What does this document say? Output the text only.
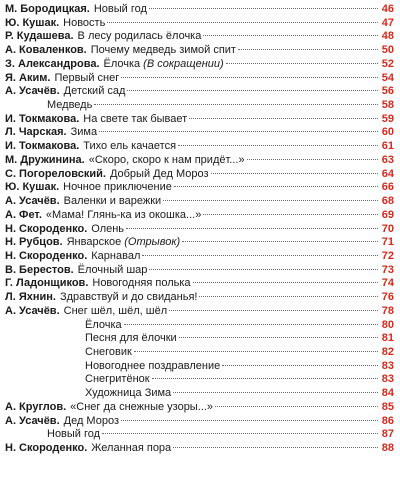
М. Бородицкая. Новый год	46
Ю. Кушак. Новость	47
Р. Кудашева. В лесу родилась ёлочка	48
А. Коваленков. Почему медведь зимой спит	50
З. Александрова. Ёлочка (В сокращении)	52
Я. Аким. Первый снег	54
А. Усачёв. Детский сад	56
Медведь	58
И. Токмакова. На свете так бывает	59
Л. Чарская. Зима	60
И. Токмакова. Тихо ель качается	61
М. Дружинина. «Скоро, скоро к нам придёт...»	63
С. Погореловский. Добрый Дед Мороз	64
Ю. Кушак. Ночное приключение	66
А. Усачёв. Валенки и варежки	68
А. Фет. «Мама! Глянь-ка из окошка...»	69
Н. Скороденко. Олень	70
Н. Рубцов. Январское (Отрывок)	71
Н. Скороденко. Карнавал	72
В. Берестов. Ёлочный шар	73
Г. Ладонщиков. Новогодняя полька	74
Л. Яхнин. Здравствуй и до свиданья!	76
А. Усачёв. Снег шёл, шёл, шёл	78
Ёлочка	80
Песня для ёлочки	81
Снеговик	82
Новогоднее поздравление	83
Снегритёнок	83
Художница Зима	84
А. Круглов. «Снег да снежные узоры...»	85
А. Усачёв. Дед Мороз	86
Новый год	87
Н. Скороденко. Желанная пора	88
